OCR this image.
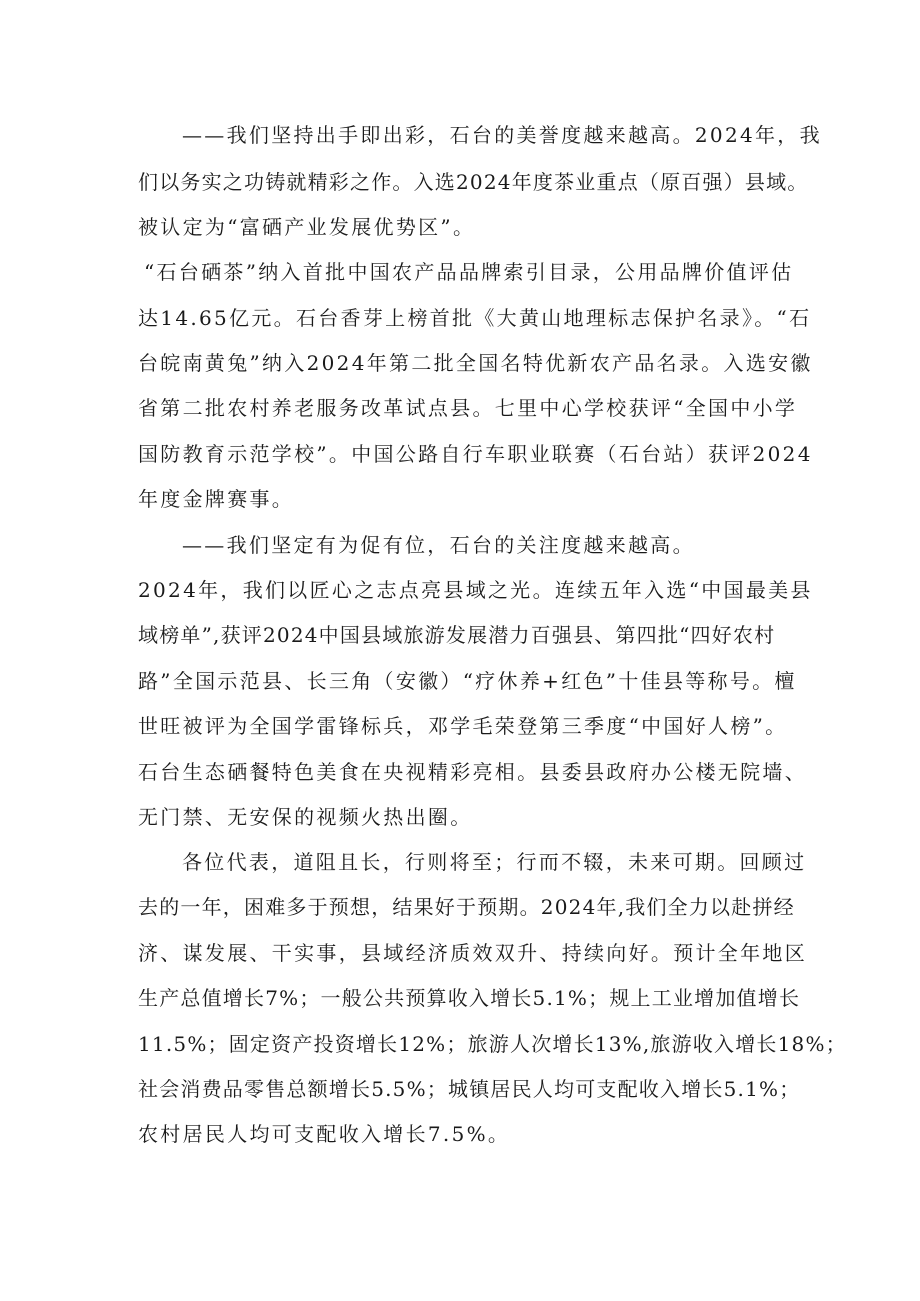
——我们坚持出手即出彩，石台的美誉度越来越高。2024年，我
们以务实之功铸就精彩之作。入选2024年度茶业重点（原百强）县域。
被认定为“富硒产业发展优势区”。
“石台硒茶”纳入首批中国农产品品牌索引目录，公用品牌价值评估
达14.65亿元。石台香芽上榜首批《大黄山地理标志保护名录》。“石
台皖南黄兔”纳入2024年第二批全国名特优新农产品名录。入选安徽
省第二批农村养老服务改革试点县。七里中心学校获评“全国中小学
国防教育示范学校”。中国公路自行车职业联赛（石台站）获评2024
年度金牌赛事。
——我们坚定有为促有位，石台的关注度越来越高。
2024年，我们以匠心之志点亮县域之光。连续五年入选“中国最美县
域榜单”,获评2024中国县域旅游发展潜力百强县、第四批“四好农村
路”全国示范县、长三角（安徽）“疗休养+红色”十佳县等称号。檀
世旺被评为全国学雷锋标兵，邓学毛荣登第三季度“中国好人榜”。
石台生态硒餐特色美食在央视精彩亮相。县委县政府办公楼无院墙、
无门禁、无安保的视频火热出圈。
各位代表，道阻且长，行则将至；行而不辍，未来可期。回顾过
去的一年，困难多于预想，结果好于预期。2024年,我们全力以赴拼经
济、谋发展、干实事，县域经济质效双升、持续向好。预计全年地区
生产总值增长7%；一般公共预算收入增长5.1%；规上工业增加值增长
11.5%；固定资产投资增长12%；旅游人次增长13%,旅游收入增长18%；
社会消费品零售总额增长5.5%；城镇居民人均可支配收入增长5.1%；
农村居民人均可支配收入增长7.5%。
